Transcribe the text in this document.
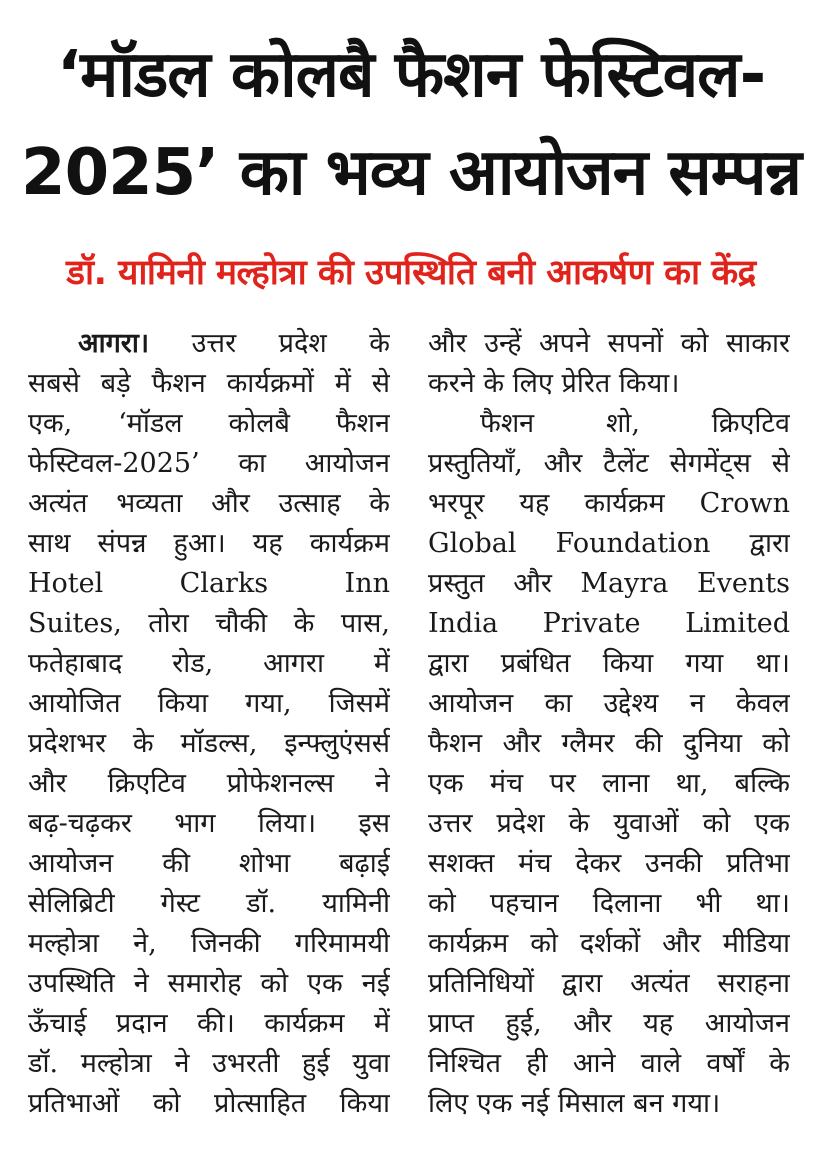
‘मॉडल कोलबै फैशन फेस्टिवल-
2025’ का भव्य आयोजन सम्पन्न
डॉ. यामिनी मल्होत्रा की उपस्थिति बनी आकर्षण का केंद्र
आगरा। उत्तर प्रदेश के
सबसे बड़े फैशन कार्यक्रमों में से
एक, ‘मॉडल कोलबै फैशन
फेस्टिवल-2025’ का आयोजन
अत्यंत भव्यता और उत्साह के
साथ संपन्न हुआ। यह कार्यक्रम
Hotel Clarks Inn
Suites, तोरा चौकी के पास,
फतेहाबाद रोड, आगरा में
आयोजित किया गया, जिसमें
प्रदेशभर के मॉडल्स, इन्फ्लुएंसर्स
और क्रिएटिव प्रोफेशनल्स ने
बढ़-चढ़कर भाग लिया। इस
आयोजन की शोभा बढ़ाई
सेलिब्रिटी गेस्ट डॉ. यामिनी
मल्होत्रा ने, जिनकी गरिमामयी
उपस्थिति ने समारोह को एक नई
ऊँचाई प्रदान की। कार्यक्रम में
डॉ. मल्होत्रा ने उभरती हुई युवा
प्रतिभाओं को प्रोत्साहित किया
और उन्हें अपने सपनों को साकार
करने के लिए प्रेरित किया।
फैशन शो, क्रिएटिव
प्रस्तुतियाँ, और टैलेंट सेगमेंट्स से
भरपूर यह कार्यक्रम Crown
Global Foundation द्वारा
प्रस्तुत और Mayra Events
India Private Limited
द्वारा प्रबंधित किया गया था।
आयोजन का उद्देश्य न केवल
फैशन और ग्लैमर की दुनिया को
एक मंच पर लाना था, बल्कि
उत्तर प्रदेश के युवाओं को एक
सशक्त मंच देकर उनकी प्रतिभा
को पहचान दिलाना भी था।
कार्यक्रम को दर्शकों और मीडिया
प्रतिनिधियों द्वारा अत्यंत सराहना
प्राप्त हुई, और यह आयोजन
निश्चित ही आने वाले वर्षों के
लिए एक नई मिसाल बन गया।
